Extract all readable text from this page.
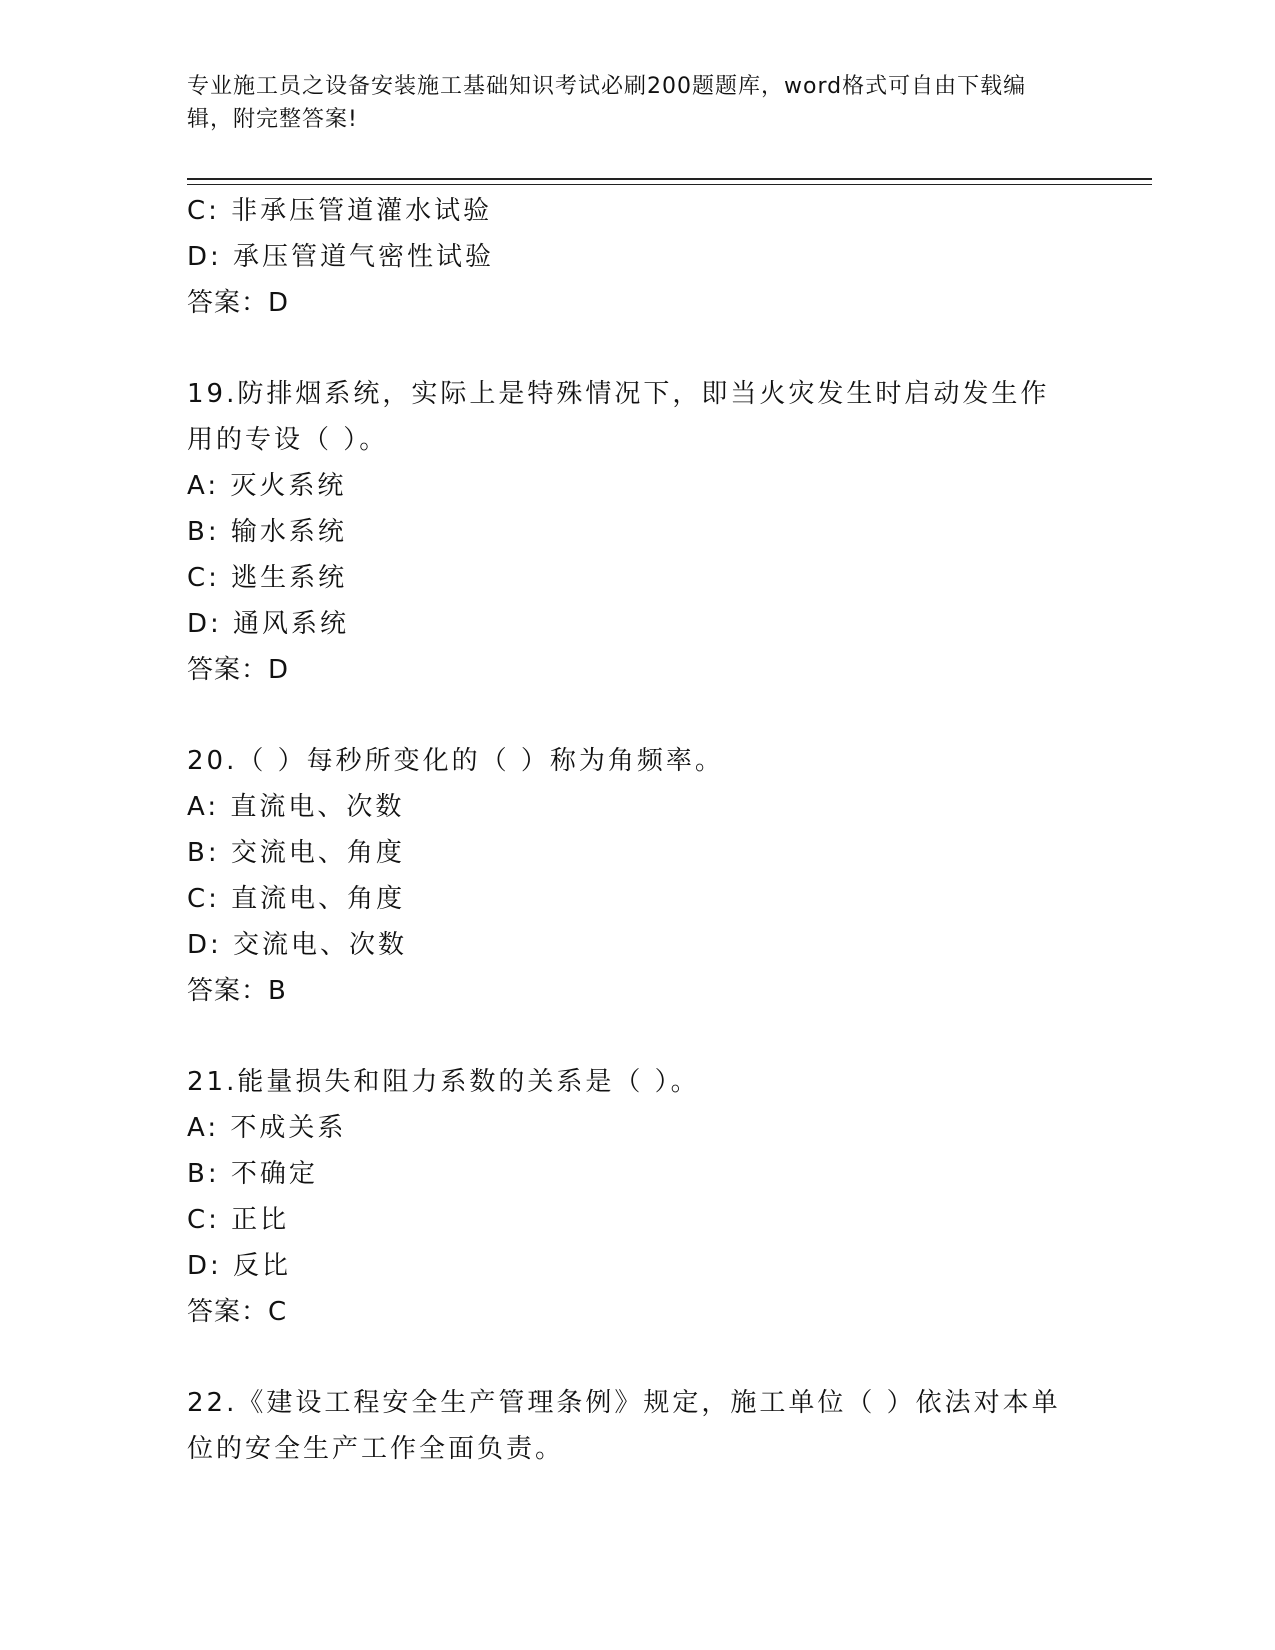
专业施工员之设备安装施工基础知识考试必刷200题题库，word格式可自由下载编辑，附完整答案!
C: 非承压管道灌水试验
D: 承压管道气密性试验
答案：D
19.防排烟系统，实际上是特殊情况下，即当火灾发生时启动发生作用的专设（ ）。
A: 灭火系统
B: 输水系统
C: 逃生系统
D: 通风系统
答案：D
20.（ ）每秒所变化的（ ）称为角频率。
A: 直流电、次数
B: 交流电、角度
C: 直流电、角度
D: 交流电、次数
答案：B
21.能量损失和阻力系数的关系是（ ）。
A: 不成关系
B: 不确定
C: 正比
D: 反比
答案：C
22.《建设工程安全生产管理条例》规定，施工单位（ ）依法对本单位的安全生产工作全面负责。
